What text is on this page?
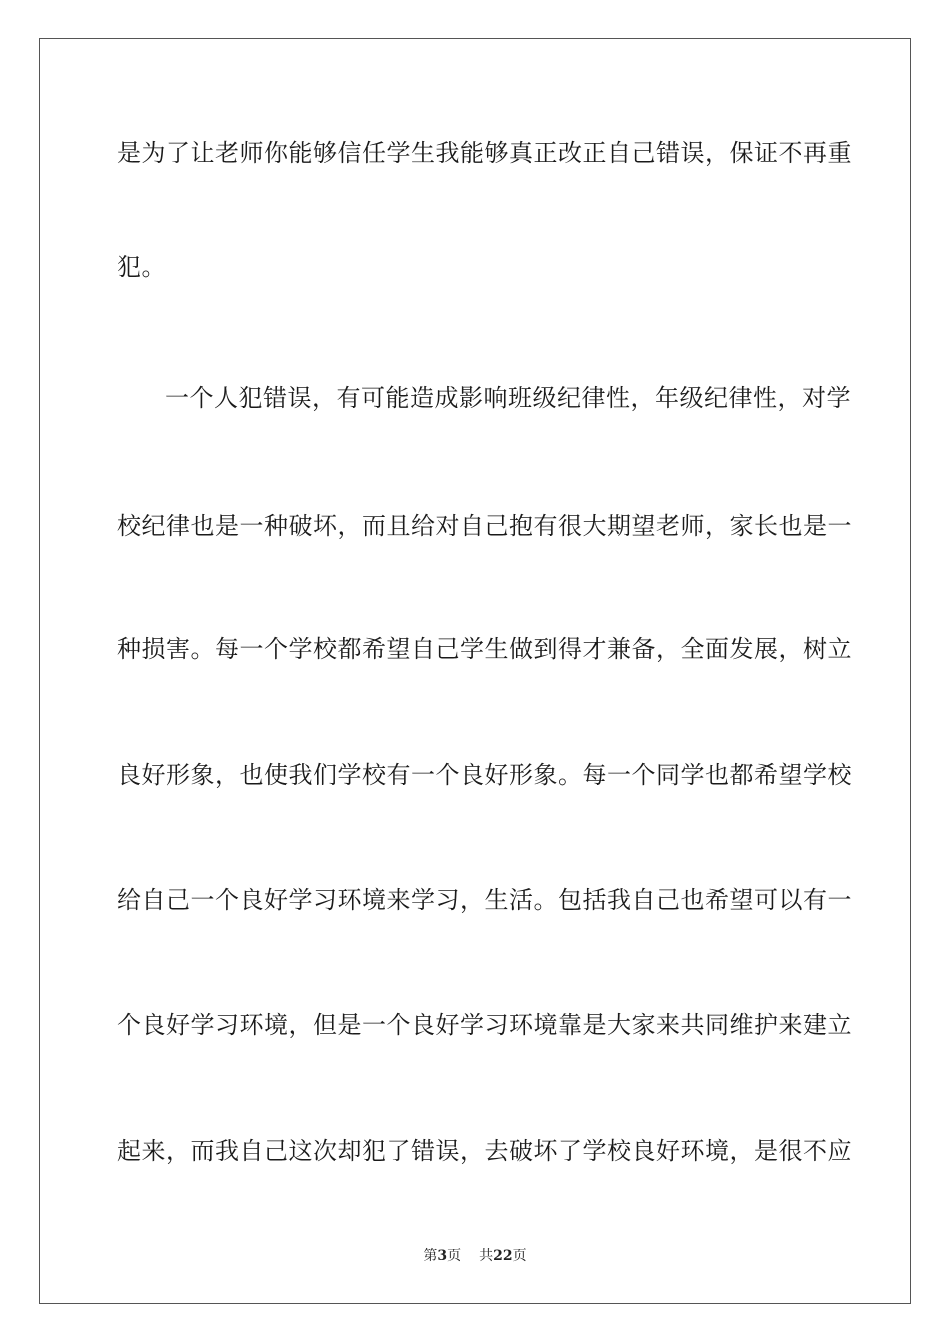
是为了让老师你能够信任学生我能够真正改正自己错误，保证不再重
犯。
一个人犯错误，有可能造成影响班级纪律性，年级纪律性，对学
校纪律也是一种破坏，而且给对自己抱有很大期望老师，家长也是一
种损害。每一个学校都希望自己学生做到得才兼备，全面发展，树立
良好形象，也使我们学校有一个良好形象。每一个同学也都希望学校
给自己一个良好学习环境来学习，生活。包括我自己也希望可以有一
个良好学习环境，但是一个良好学习环境靠是大家来共同维护来建立
起来，而我自己这次却犯了错误，去破坏了学校良好环境，是很不应
第3页 共22页
